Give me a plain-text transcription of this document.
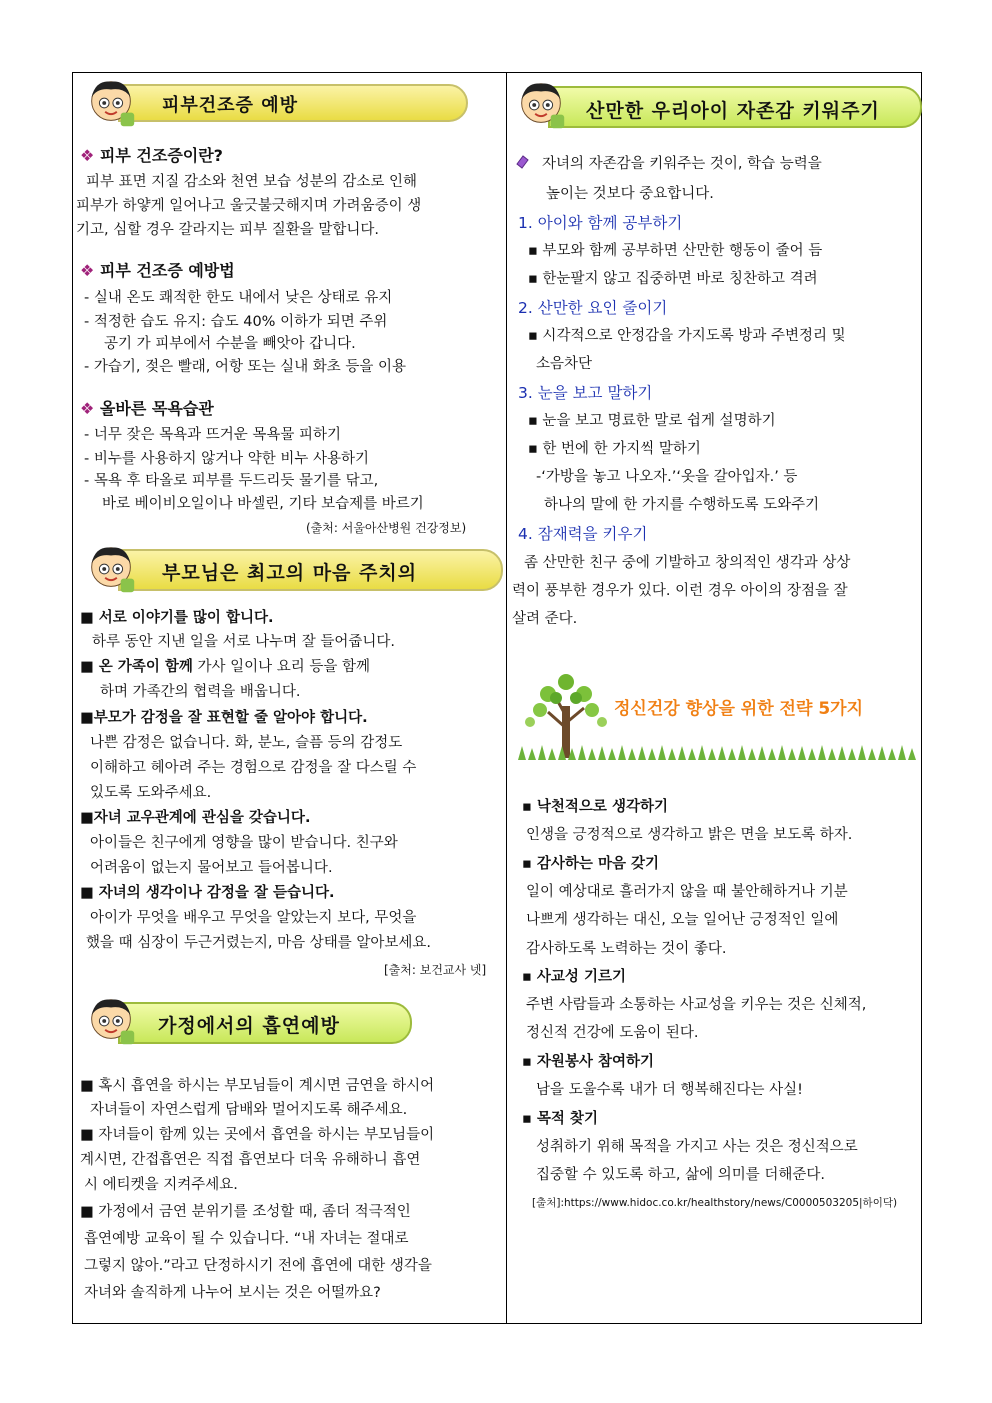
피부건조증 예방
❖ 피부 건조증이란?
피부 표면 지질 감소와 천연 보습 성분의 감소로 인해
피부가 하얗게 일어나고 울긋불긋해지며 가려움증이 생
기고, 심할 경우 갈라지는 피부 질환을 말합니다.
❖ 피부 건조증 예방법
- 실내 온도 쾌적한 한도 내에서 낮은 상태로 유지
- 적정한 습도 유지: 습도 40% 이하가 되면 주위
공기 가 피부에서 수분을 빼앗아 갑니다.
- 가습기, 젖은 빨래, 어항 또는 실내 화초 등을 이용
❖ 올바른 목욕습관
- 너무 잦은 목욕과 뜨거운 목욕물 피하기
- 비누를 사용하지 않거나 약한 비누 사용하기
- 목욕 후 타올로 피부를 두드리듯 물기를 닦고,
바로 베이비오일이나 바셀린, 기타 보습제를 바르기
(출처: 서울아산병원 건강정보)
부모님은 최고의 마음 주치의
■ 서로 이야기를 많이 합니다.
하루 동안 지낸 일을 서로 나누며 잘 들어줍니다.
■ 온 가족이 함께 가사 일이나 요리 등을 함께
하며 가족간의 협력을 배웁니다.
■부모가 감정을 잘 표현할 줄 알아야 합니다.
나쁜 감정은 없습니다. 화, 분노, 슬픔 등의 감정도
이해하고 헤아려 주는 경험으로 감정을 잘 다스릴 수
있도록 도와주세요.
■자녀 교우관계에 관심을 갖습니다.
아이들은 친구에게 영향을 많이 받습니다. 친구와
어려움이 없는지 물어보고 들어봅니다.
■ 자녀의 생각이나 감정을 잘 듣습니다.
아이가 무엇을 배우고 무엇을 알았는지 보다, 무엇을
했을 때 심장이 두근거렸는지, 마음 상태를 알아보세요.
[출처: 보건교사 넷]
가정에서의 흡연예방
■ 혹시 흡연을 하시는 부모님들이 계시면 금연을 하시어
자녀들이 자연스럽게 담배와 멀어지도록 해주세요.
■ 자녀들이 함께 있는 곳에서 흡연을 하시는 부모님들이
계시면, 간접흡연은 직접 흡연보다 더욱 유해하니 흡연
시 에티켓을 지켜주세요.
■ 가정에서 금연 분위기를 조성할 때, 좀더 적극적인
흡연예방 교육이 될 수 있습니다. “내 자녀는 절대로
그렇지 않아.”라고 단정하시기 전에 흡연에 대한 생각을
자녀와 솔직하게 나누어 보시는 것은 어떨까요?
산만한 우리아이 자존감 키워주기
자녀의 자존감을 키워주는 것이, 학습 능력을
높이는 것보다 중요합니다.
1. 아이와 함께 공부하기
▪ 부모와 함께 공부하면 산만한 행동이 줄어 듬
▪ 한눈팔지 않고 집중하면 바로 칭찬하고 격려
2. 산만한 요인 줄이기
▪ 시각적으로 안정감을 가지도록 방과 주변정리 및
소음차단
3. 눈을 보고 말하기
▪ 눈을 보고 명료한 말로 쉽게 설명하기
▪ 한 번에 한 가지씩 말하기
-‘가방을 놓고 나오자.’‘옷을 갈아입자.’ 등
하나의 말에 한 가지를 수행하도록 도와주기
4. 잠재력을 키우기
좀 산만한 친구 중에 기발하고 창의적인 생각과 상상
력이 풍부한 경우가 있다. 이런 경우 아이의 장점을 잘
살려 준다.
정신건강 향상을 위한 전략 5가지
▪ 낙천적으로 생각하기
인생을 긍정적으로 생각하고 밝은 면을 보도록 하자.
▪ 감사하는 마음 갖기
일이 예상대로 흘러가지 않을 때 불안해하거나 기분
나쁘게 생각하는 대신, 오늘 일어난 긍정적인 일에
감사하도록 노력하는 것이 좋다.
▪ 사교성 기르기
주변 사람들과 소통하는 사교성을 키우는 것은 신체적,
정신적 건강에 도움이 된다.
▪ 자원봉사 참여하기
남을 도울수록 내가 더 행복해진다는 사실!
▪ 목적 찾기
성취하기 위해 목적을 가지고 사는 것은 정신적으로
집중할 수 있도록 하고, 삶에 의미를 더해준다.
[출처]:https://www.hidoc.co.kr/healthstory/news/C0000503205|하이닥)
